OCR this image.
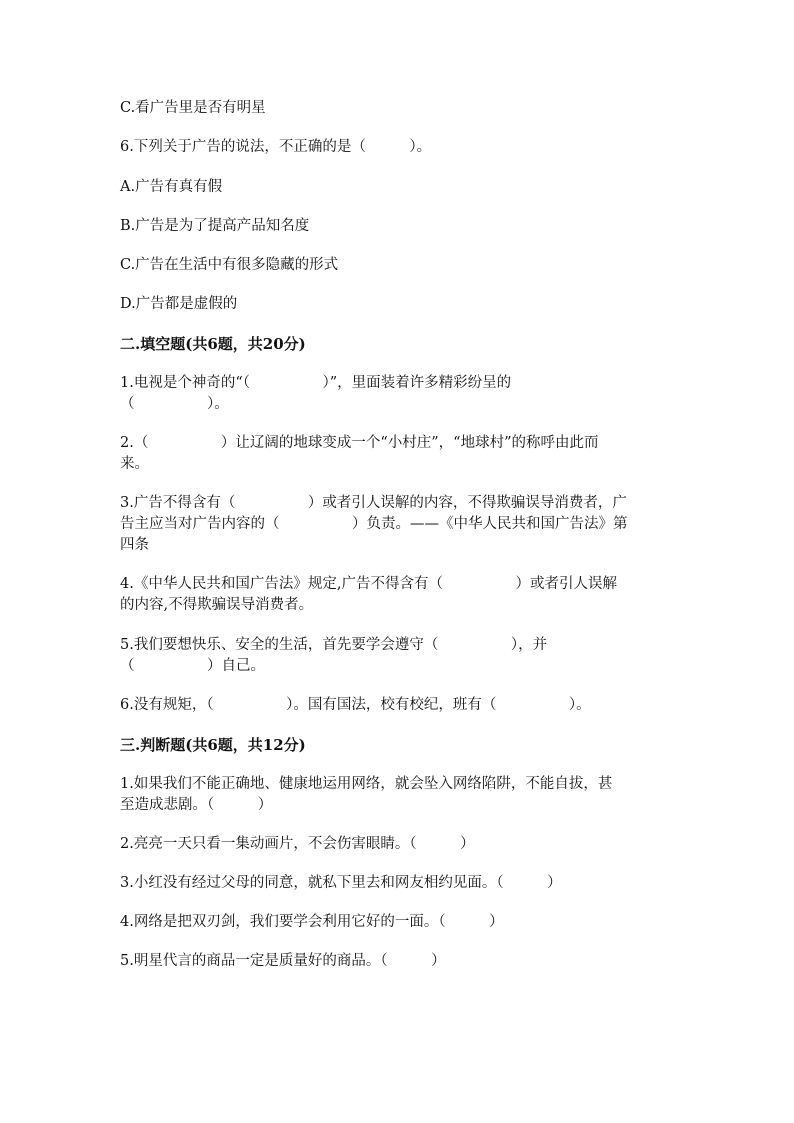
C.看广告里是否有明星
6.下列关于广告的说法，不正确的是（　　　）。
A.广告有真有假
B.广告是为了提高产品知名度
C.广告在生活中有很多隐藏的形式
D.广告都是虚假的
二.填空题(共6题，共20分)
1.电视是个神奇的“（　　　　　）”，里面装着许多精彩纷呈的
（　　　　　）。
2.（　　　　　）让辽阔的地球变成一个“小村庄”，“地球村”的称呼由此而
来。
3.广告不得含有（　　　　　）或者引人误解的内容，不得欺骗误导消费者，广
告主应当对广告内容的（　　　　　）负责。——《中华人民共和国广告法》第
四条
4.《中华人民共和国广告法》规定,广告不得含有（　　　　　）或者引人误解
的内容,不得欺骗误导消费者。
5.我们要想快乐、安全的生活，首先要学会遵守（　　　　　），并
（　　　　　）自己。
6.没有规矩，（　　　　　）。国有国法，校有校纪，班有（　　　　　）。
三.判断题(共6题，共12分)
1.如果我们不能正确地、健康地运用网络，就会坠入网络陷阱，不能自拔，甚
至造成悲剧。（　　　）
2.亮亮一天只看一集动画片，不会伤害眼睛。（　　　）
3.小红没有经过父母的同意，就私下里去和网友相约见面。（　　　）
4.网络是把双刃剑，我们要学会利用它好的一面。（　　　）
5.明星代言的商品一定是质量好的商品。（　　　）
